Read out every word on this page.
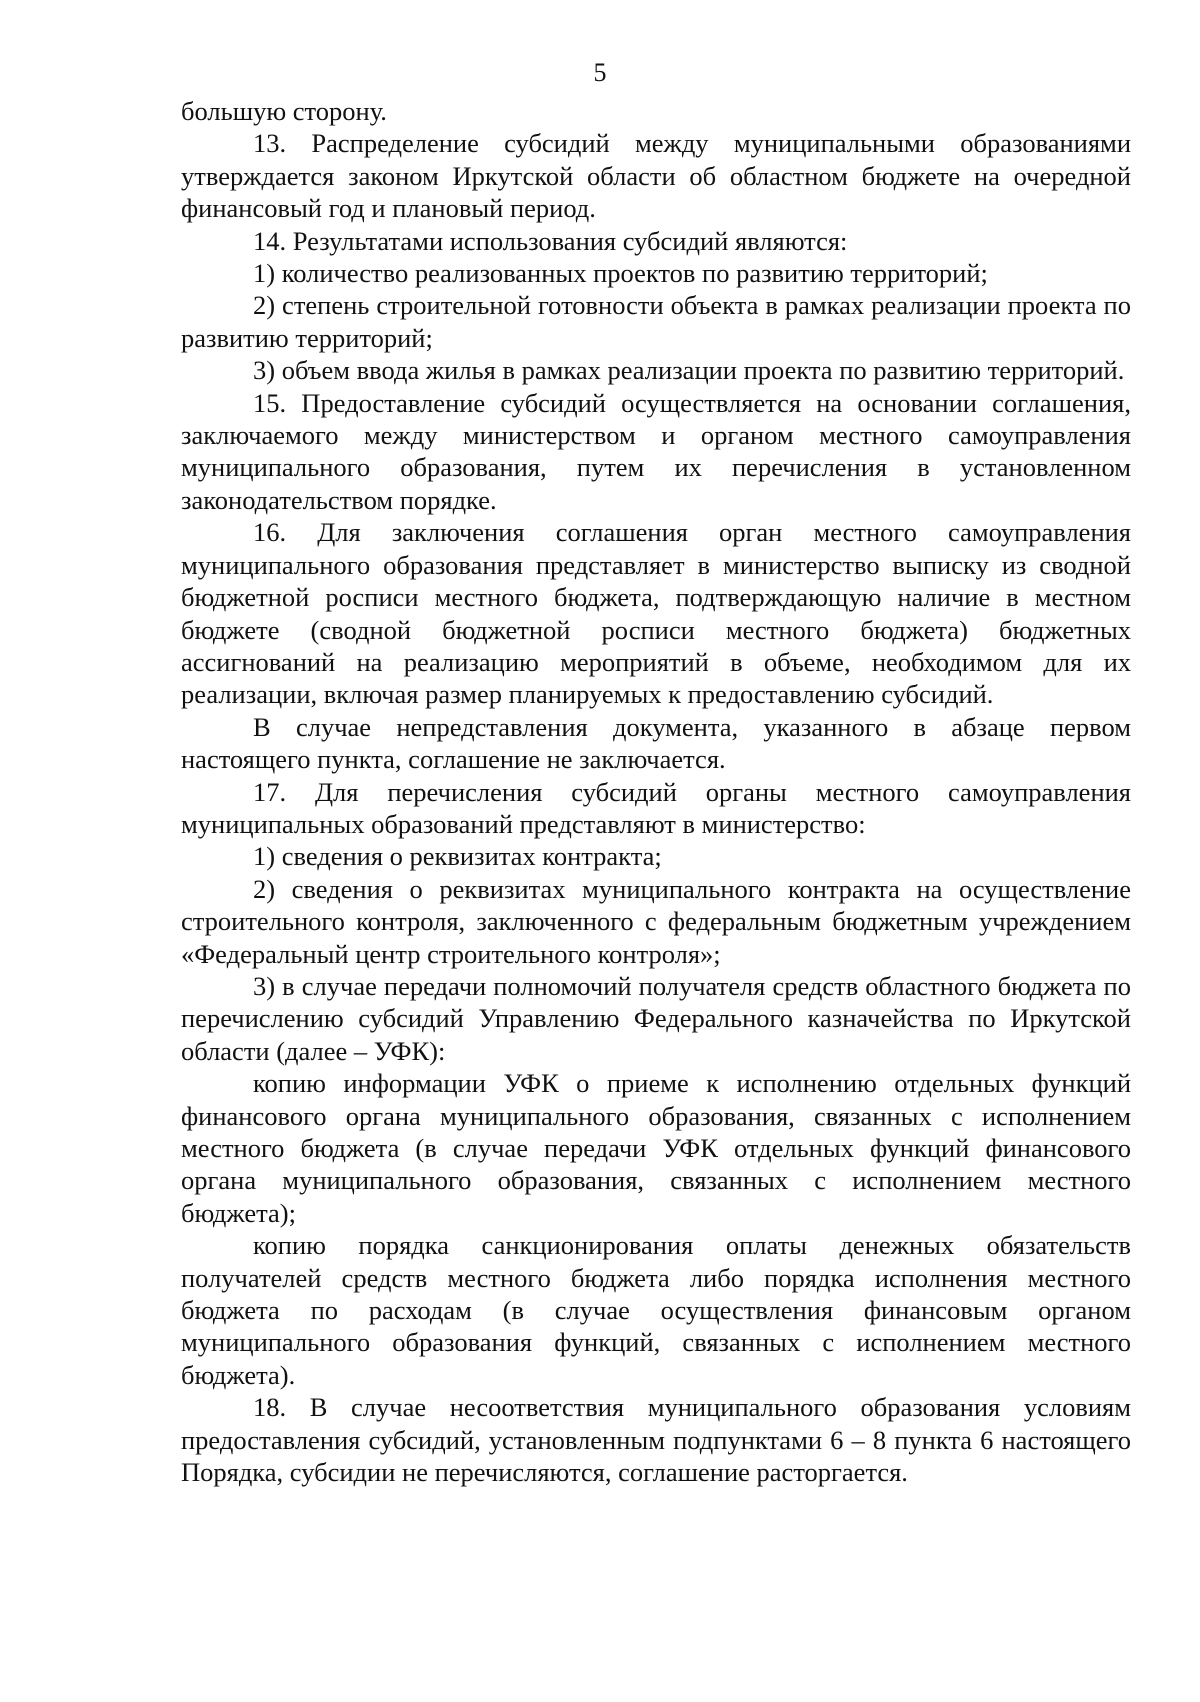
5

большую сторону.

13. Распределение субсидий между муниципальными образованиями утверждается законом Иркутской области об областном бюджете на очередной финансовый год и плановый период.

14. Результатами использования субсидий являются:

1) количество реализованных проектов по развитию территорий;

2) степень строительной готовности объекта в рамках реализации проекта по развитию территорий;

3) объем ввода жилья в рамках реализации проекта по развитию территорий.

15. Предоставление субсидий осуществляется на основании соглашения, заключаемого между министерством и органом местного самоуправления муниципального образования, путем их перечисления в установленном законодательством порядке.

16. Для заключения соглашения орган местного самоуправления муниципального образования представляет в министерство выписку из сводной бюджетной росписи местного бюджета, подтверждающую наличие в местном бюджете (сводной бюджетной росписи местного бюджета) бюджетных ассигнований на реализацию мероприятий в объеме, необходимом для их реализации, включая размер планируемых к предоставлению субсидий.

В случае непредставления документа, указанного в абзаце первом настоящего пункта, соглашение не заключается.

17. Для перечисления субсидий органы местного самоуправления муниципальных образований представляют в министерство:

1) сведения о реквизитах контракта;

2) сведения о реквизитах муниципального контракта на осуществление строительного контроля, заключенного с федеральным бюджетным учреждением «Федеральный центр строительного контроля»;

3) в случае передачи полномочий получателя средств областного бюджета по перечислению субсидий Управлению Федерального казначейства по Иркутской области (далее – УФК):

копию информации УФК о приеме к исполнению отдельных функций финансового органа муниципального образования, связанных с исполнением местного бюджета (в случае передачи УФК отдельных функций финансового органа муниципального образования, связанных с исполнением местного бюджета);

копию порядка санкционирования оплаты денежных обязательств получателей средств местного бюджета либо порядка исполнения местного бюджета по расходам (в случае осуществления финансовым органом муниципального образования функций, связанных с исполнением местного бюджета).

18. В случае несоответствия муниципального образования условиям предоставления субсидий, установленным подпунктами 6 – 8 пункта 6 настоящего Порядка, субсидии не перечисляются, соглашение расторгается.
